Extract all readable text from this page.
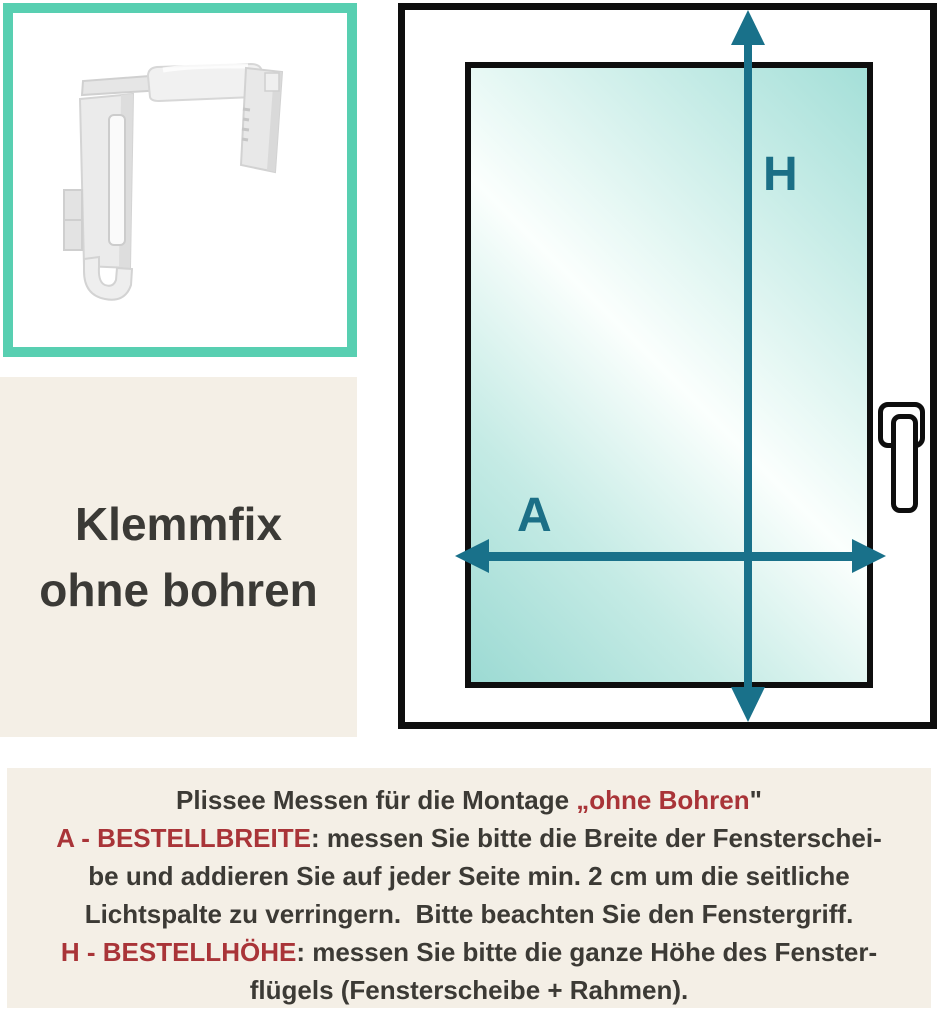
Klemmfix
ohne bohren
H
A
Plissee Messen für die Montage „ohne Bohren"
A - BESTELLBREITE: messen Sie bitte die Breite der Fensterschei-
be und addieren Sie auf jeder Seite min. 2 cm um die seitliche
Lichtspalte zu verringern.  Bitte beachten Sie den Fenstergriff.
H - BESTELLHÖHE: messen Sie bitte die ganze Höhe des Fenster-
flügels (Fensterscheibe + Rahmen).
